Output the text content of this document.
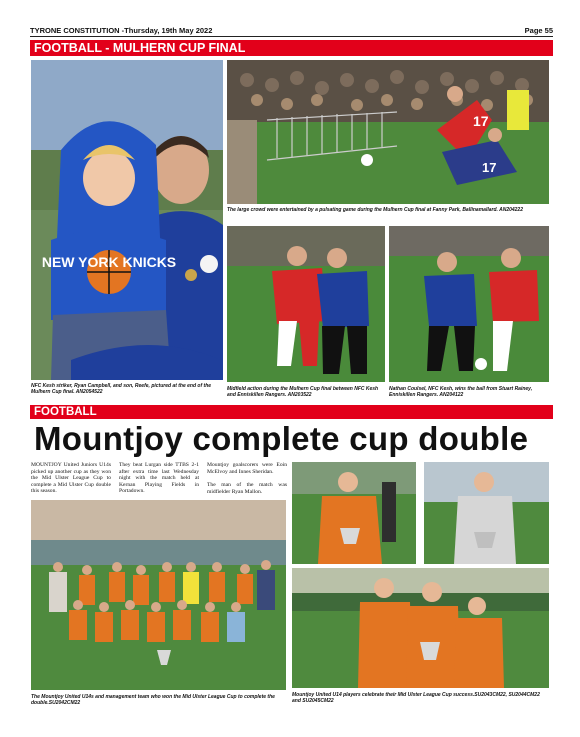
TYRONE CONSTITUTION -Thursday, 19th May 2022	Page 55
FOOTBALL - MULHERN CUP FINAL
NEW YORK KNICKS
NFC Kesh striker, Ryan Campbell, and son, Reefe, pictured at the end of the Mulhern Cup final. AN2054522
17
17
The large crowd were entertained by a pulsating game during the Mulhern Cup final at Fanny Park, Ballinamallard. AN204222
Midfield action during the Mulhern Cup final between NFC Kesh and Enniskillen Rangers. AN203522
Nathan Coulsel, NFC Kesh, wins the ball from Stuart Rainey, Enniskillen Rangers. AN204122
FOOTBALL
Mountjoy complete cup double
MOUNTJOY United Juniors U14s picked up another cup as they won the Mid Ulster League Cup to complete a Mid Ulster Cup double this season.
They beat Lurgan side TTBS 2-1 after extra time last Wednesday night with the match held at Kernan Playing Fields in Portadown.
Mountjoy goalscorers were Eoin McElvoy and Innes Sheridan.
The man of the match was midfielder Ryan Mallon.
The Mountjoy United U14s and management team who won the Mid Ulster League Cup to complete the double.SU2042CM22
Mountjoy United U14 players celebrate their Mid Ulster League Cup success.SU2043CM22, SU2044CM22 and SU2045CM22
